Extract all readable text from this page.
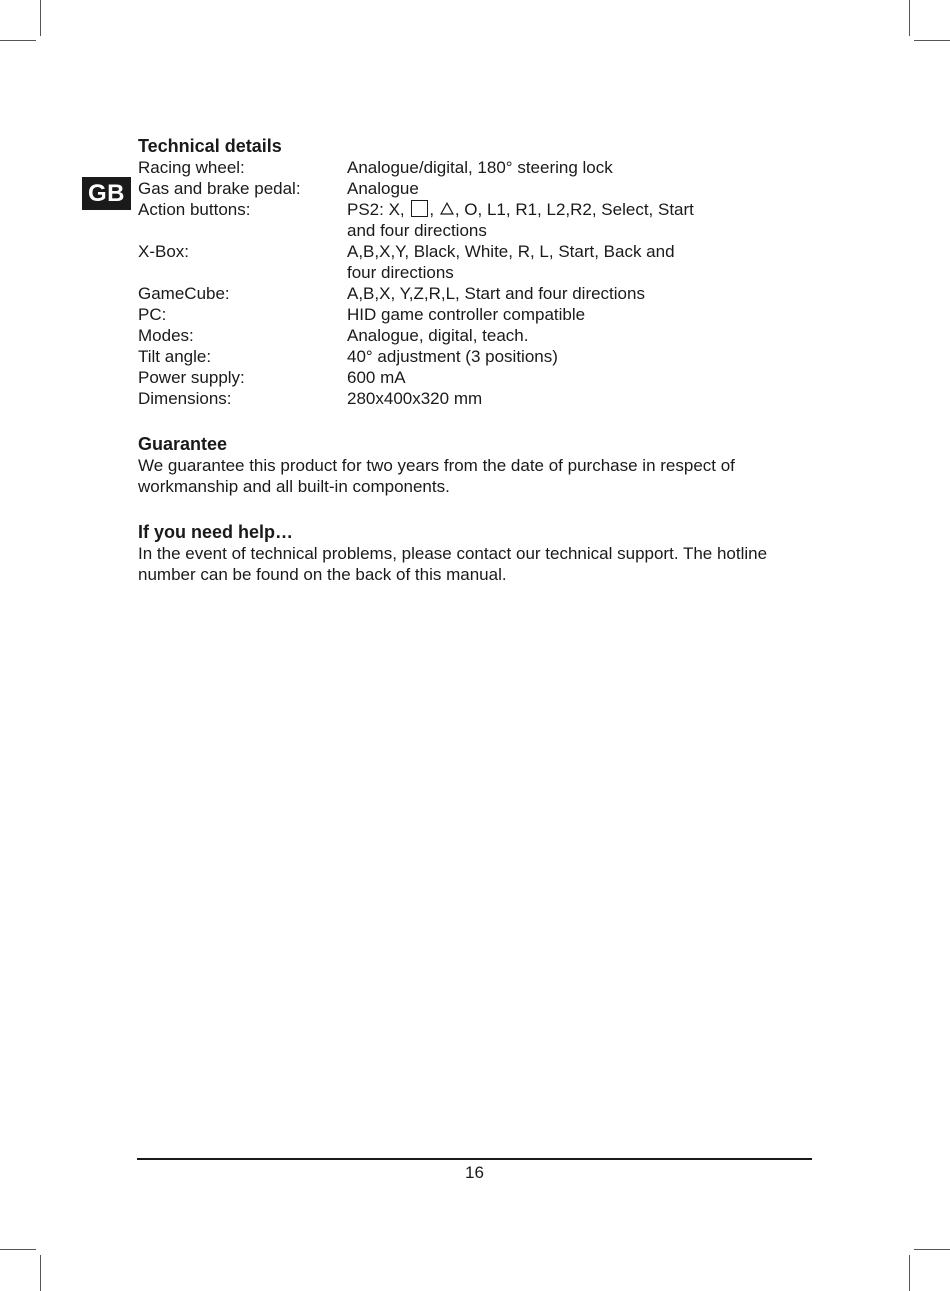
GB
Technical details
Racing wheel:	Analogue/digital, 180° steering lock
Gas and brake pedal:	Analogue
Action buttons:	PS2: X, , , O, L1, R1, L2,R2, Select, Start
and four directions
X-Box:	A,B,X,Y, Black, White, R, L, Start, Back and
four directions
GameCube:	A,B,X, Y,Z,R,L, Start and four directions
PC:	HID game controller compatible
Modes:	Analogue, digital, teach.
Tilt angle:	40° adjustment (3 positions)
Power supply:	600 mA
Dimensions:	280x400x320 mm
Guarantee

We guarantee this product for two years from the date of purchase in respect of workmanship and all built-in components.

If you need help…

In the event of technical problems, please contact our technical support. The hotline number can be found on the back of this manual.

16
